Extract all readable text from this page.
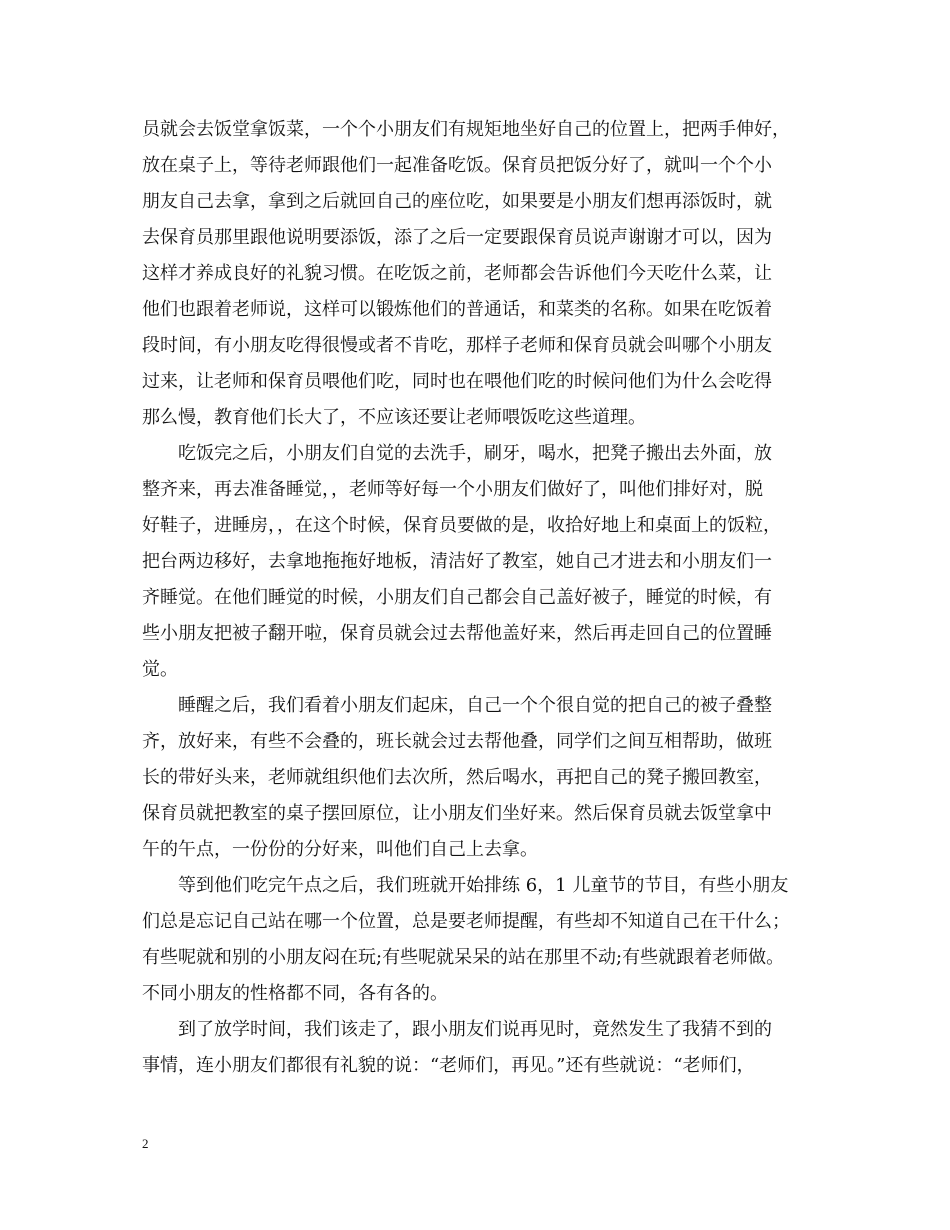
员就会去饭堂拿饭菜，一个个小朋友们有规矩地坐好自己的位置上，把两手伸好，
放在桌子上，等待老师跟他们一起准备吃饭。保育员把饭分好了，就叫一个个小
朋友自己去拿，拿到之后就回自己的座位吃，如果要是小朋友们想再添饭时，就
去保育员那里跟他说明要添饭，添了之后一定要跟保育员说声谢谢才可以，因为
这样才养成良好的礼貌习惯。在吃饭之前，老师都会告诉他们今天吃什么菜，让
他们也跟着老师说，这样可以锻炼他们的普通话，和菜类的名称。如果在吃饭着
段时间，有小朋友吃得很慢或者不肯吃，那样子老师和保育员就会叫哪个小朋友
过来，让老师和保育员喂他们吃，同时也在喂他们吃的时候问他们为什么会吃得
那么慢，教育他们长大了，不应该还要让老师喂饭吃这些道理。
吃饭完之后，小朋友们自觉的去洗手，刷牙，喝水，把凳子搬出去外面，放
整齐来，再去准备睡觉，，老师等好每一个小朋友们做好了，叫他们排好对，脱
好鞋子，进睡房，，在这个时候，保育员要做的是，收拾好地上和桌面上的饭粒，
把台两边移好，去拿地拖拖好地板，清洁好了教室，她自己才进去和小朋友们一
齐睡觉。在他们睡觉的时候，小朋友们自己都会自己盖好被子，睡觉的时候，有
些小朋友把被子翻开啦，保育员就会过去帮他盖好来，然后再走回自己的位置睡
觉。
睡醒之后，我们看着小朋友们起床，自己一个个很自觉的把自己的被子叠整
齐，放好来，有些不会叠的，班长就会过去帮他叠，同学们之间互相帮助，做班
长的带好头来，老师就组织他们去次所，然后喝水，再把自己的凳子搬回教室，
保育员就把教室的桌子摆回原位，让小朋友们坐好来。然后保育员就去饭堂拿中
午的午点，一份份的分好来，叫他们自己上去拿。
等到他们吃完午点之后，我们班就开始排练 6，1 儿童节的节目，有些小朋友
们总是忘记自己站在哪一个位置，总是要老师提醒，有些却不知道自己在干什么；
有些呢就和别的小朋友闷在玩;有些呢就呆呆的站在那里不动;有些就跟着老师做。
不同小朋友的性格都不同，各有各的。
到了放学时间，我们该走了，跟小朋友们说再见时，竟然发生了我猜不到的
事情，连小朋友们都很有礼貌的说：“老师们，再见。”还有些就说：“老师们，
2
